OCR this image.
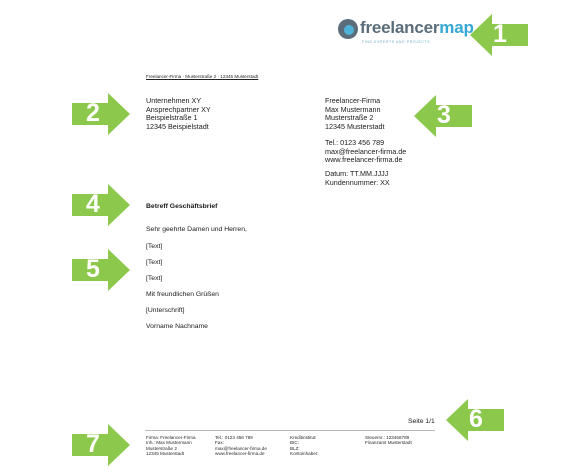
freelancermap
FIND EXPERTS AND PROJECTS	1
3
6
2
4
5
7
Freelancer-Firma · Musterstraße 2 · 12345 Musterstadt
Unternehmen XY
Ansprechpartner XY
Beispielstraße 1
12345 Beispielstadt
Freelancer-Firma
Max Mustermann
Musterstraße 2
12345 Musterstadt
Tel.: 0123 456 789
max@freelancer-firma.de
www.freelancer-firma.de
Datum: TT.MM.JJJJ
Kundennummer: XX
Betreff Geschäftsbrief
Sehr geehrte Damen und Herren,
[Text]
[Text]
[Text]
Mit freundlichen Grüßen
[Unterschrift]
Vorname Nachname
Seite 1/1
Firma: Freelancer-Firma
Inh.: Max Mustermann
Musterstraße 2
12345 Musterstadt
Tel.: 0123 456 789
Fax:
max@freelancer-firma.de
www.freelancer-firma.de
Kreditinstitut:
BIC:
BLZ:
Kontoinhaber:
Steuernr.: 123456789
Finanzamt Musterstadt
